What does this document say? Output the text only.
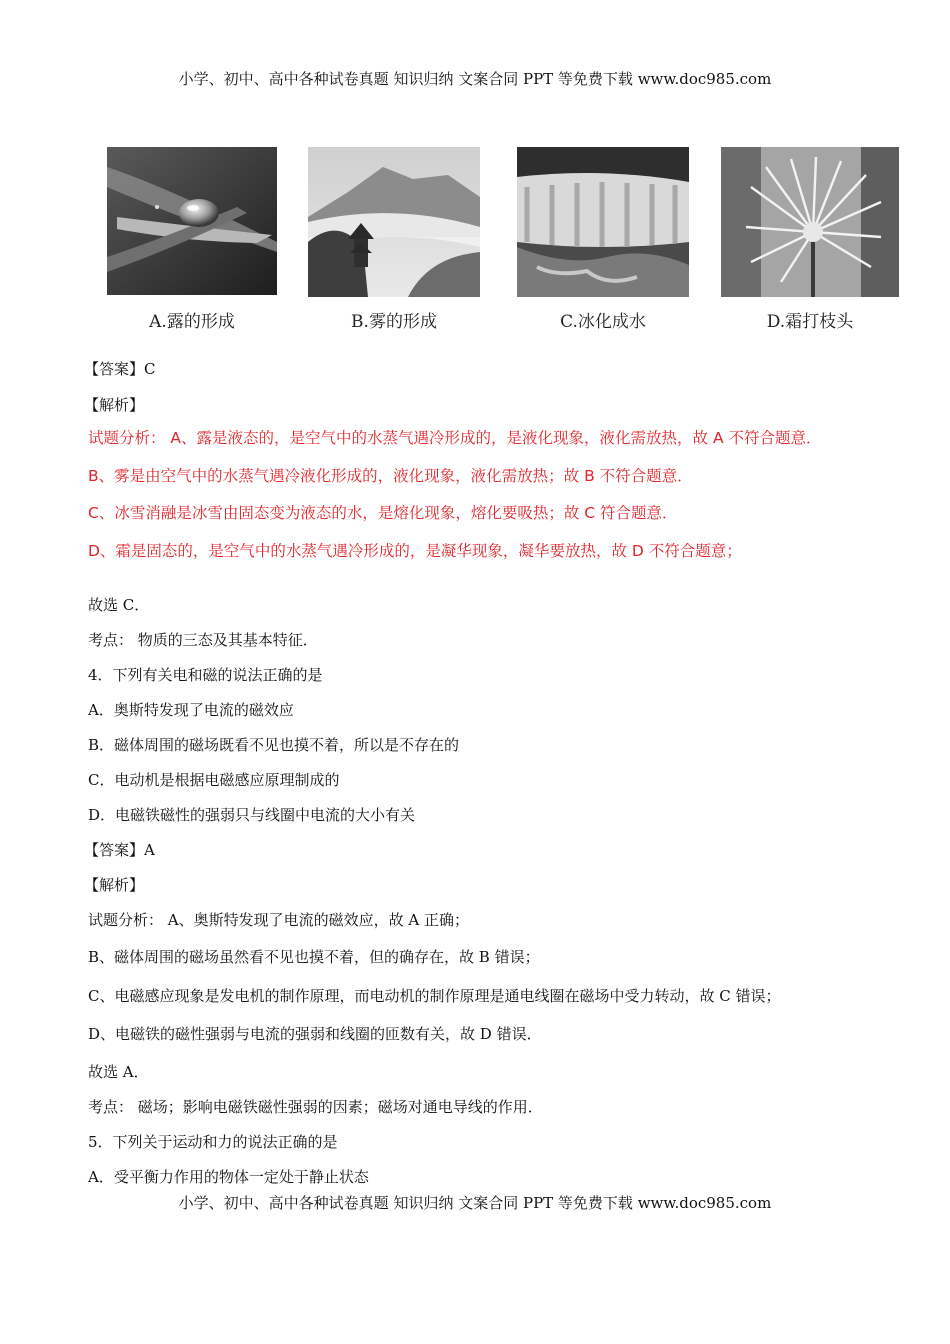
小学、初中、高中各种试卷真题 知识归纳 文案合同 PPT 等免费下载 www.doc985.com
A.露的形成	B.雾的形成	C.冰化成水	D.霜打枝头
【答案】C
【解析】
试题分析： A、露是液态的，是空气中的水蒸气遇冷形成的，是液化现象，液化需放热，故 A 不符合题意．
B、雾是由空气中的水蒸气遇冷液化形成的，液化现象，液化需放热；故 B 不符合题意．
C、冰雪消融是冰雪由固态变为液态的水，是熔化现象，熔化要吸热；故 C 符合题意．
D、霜是固态的，是空气中的水蒸气遇冷形成的，是凝华现象，凝华要放热，故 D 不符合题意；
故选 C．
考点： 物质的三态及其基本特征．
4．下列有关电和磁的说法正确的是
A．奥斯特发现了电流的磁效应
B．磁体周围的磁场既看不见也摸不着，所以是不存在的
C．电动机是根据电磁感应原理制成的
D．电磁铁磁性的强弱只与线圈中电流的大小有关
【答案】A
【解析】
试题分析： A、奥斯特发现了电流的磁效应，故 A 正确；
B、磁体周围的磁场虽然看不见也摸不着，但的确存在，故 B 错误；
C、电磁感应现象是发电机的制作原理，而电动机的制作原理是通电线圈在磁场中受力转动，故 C 错误；
D、电磁铁的磁性强弱与电流的强弱和线圈的匝数有关，故 D 错误．
故选 A．
考点： 磁场；影响电磁铁磁性强弱的因素；磁场对通电导线的作用．
5．下列关于运动和力的说法正确的是
A．受平衡力作用的物体一定处于静止状态
小学、初中、高中各种试卷真题 知识归纳 文案合同 PPT 等免费下载 www.doc985.com
